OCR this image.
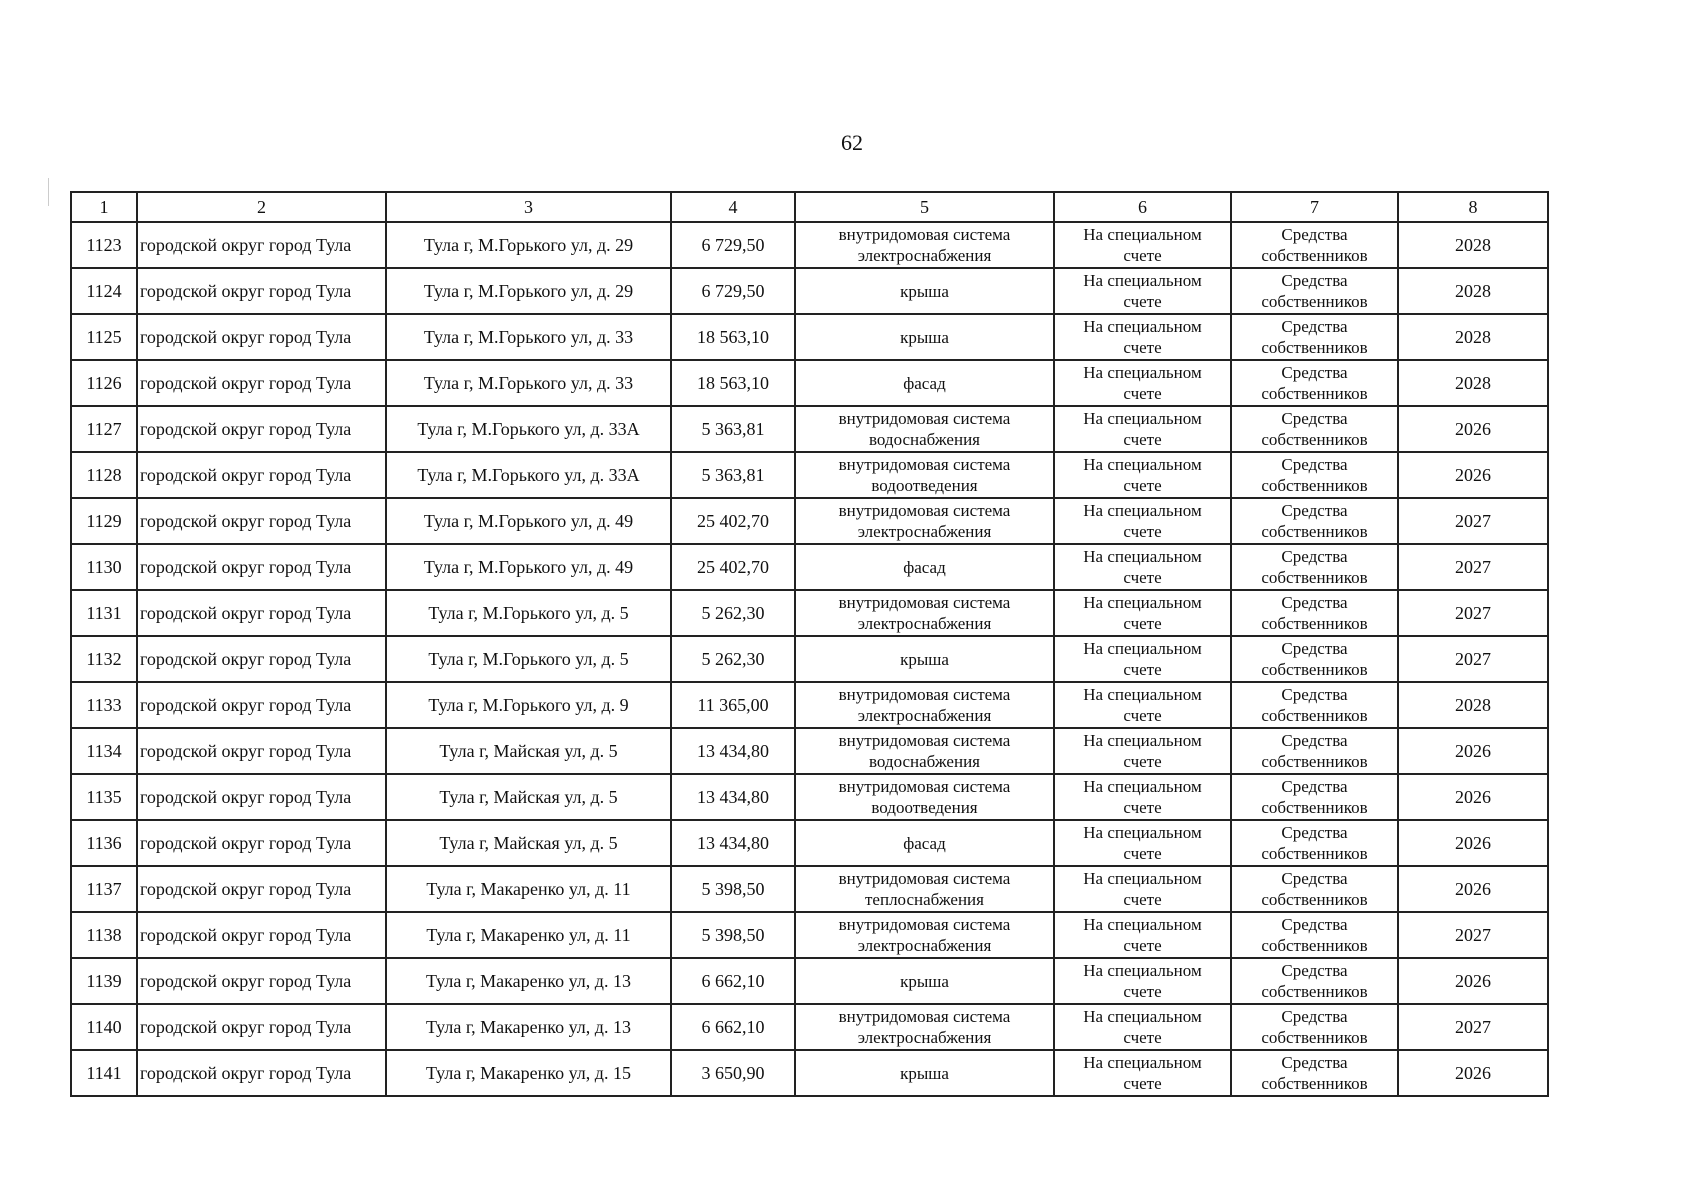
62
1	2	3	4	5	6	7	8

1123	городской округ город Тула	Тула г, М.Горького ул, д. 29	6 729,50	внутридомовая система
электроснабжения	На специальном
счете	Средства
собственников	2028

1124	городской округ город Тула	Тула г, М.Горького ул, д. 29	6 729,50	крыша	На специальном
счете	Средства
собственников	2028

1125	городской округ город Тула	Тула г, М.Горького ул, д. 33	18 563,10	крыша	На специальном
счете	Средства
собственников	2028

1126	городской округ город Тула	Тула г, М.Горького ул, д. 33	18 563,10	фасад	На специальном
счете	Средства
собственников	2028

1127	городской округ город Тула	Тула г, М.Горького ул, д. 33А	5 363,81	внутридомовая система
водоснабжения	На специальном
счете	Средства
собственников	2026

1128	городской округ город Тула	Тула г, М.Горького ул, д. 33А	5 363,81	внутридомовая система
водоотведения	На специальном
счете	Средства
собственников	2026

1129	городской округ город Тула	Тула г, М.Горького ул, д. 49	25 402,70	внутридомовая система
электроснабжения	На специальном
счете	Средства
собственников	2027

1130	городской округ город Тула	Тула г, М.Горького ул, д. 49	25 402,70	фасад	На специальном
счете	Средства
собственников	2027

1131	городской округ город Тула	Тула г, М.Горького ул, д. 5	5 262,30	внутридомовая система
электроснабжения	На специальном
счете	Средства
собственников	2027

1132	городской округ город Тула	Тула г, М.Горького ул, д. 5	5 262,30	крыша	На специальном
счете	Средства
собственников	2027

1133	городской округ город Тула	Тула г, М.Горького ул, д. 9	11 365,00	внутридомовая система
электроснабжения	На специальном
счете	Средства
собственников	2028

1134	городской округ город Тула	Тула г, Майская ул, д. 5	13 434,80	внутридомовая система
водоснабжения	На специальном
счете	Средства
собственников	2026

1135	городской округ город Тула	Тула г, Майская ул, д. 5	13 434,80	внутридомовая система
водоотведения	На специальном
счете	Средства
собственников	2026

1136	городской округ город Тула	Тула г, Майская ул, д. 5	13 434,80	фасад	На специальном
счете	Средства
собственников	2026

1137	городской округ город Тула	Тула г, Макаренко ул, д. 11	5 398,50	внутридомовая система
теплоснабжения	На специальном
счете	Средства
собственников	2026

1138	городской округ город Тула	Тула г, Макаренко ул, д. 11	5 398,50	внутридомовая система
электроснабжения	На специальном
счете	Средства
собственников	2027

1139	городской округ город Тула	Тула г, Макаренко ул, д. 13	6 662,10	крыша	На специальном
счете	Средства
собственников	2026

1140	городской округ город Тула	Тула г, Макаренко ул, д. 13	6 662,10	внутридомовая система
электроснабжения	На специальном
счете	Средства
собственников	2027

1141	городской округ город Тула	Тула г, Макаренко ул, д. 15	3 650,90	крыша	На специальном
счете	Средства
собственников	2026
